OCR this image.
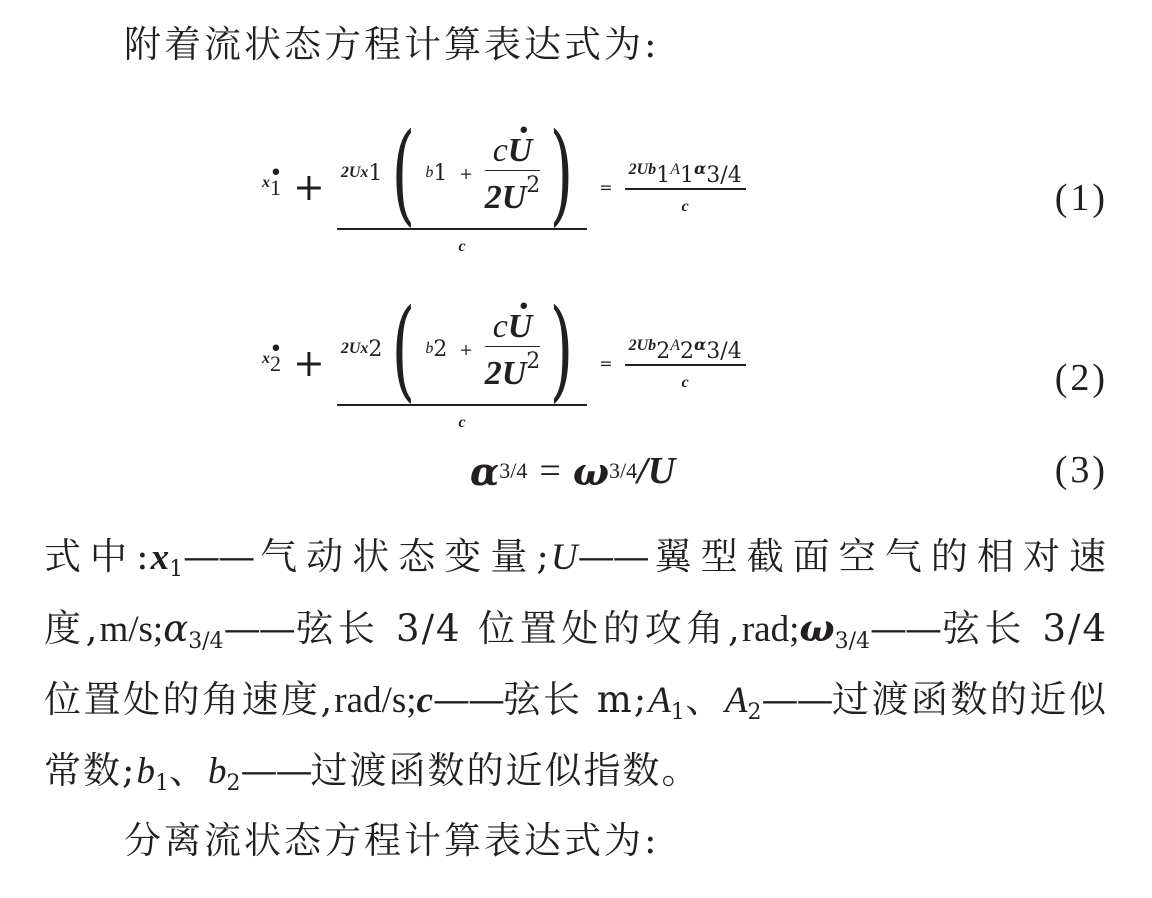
附着流状态方程计算表达式为:
· x1 +	2U x 1 ( b $1 + \frac{c\cdot U}{2U^2}$ )
c
= $\frac{2Ub1A1\alpha 3/4}{c}$	(1)
· x2 +	2U x 2 ( b $2 + \frac{c\cdot U}{2U^2}$ )
c
= $\frac{2Ub2A2\alpha 3/4}{c}$	(2)
α 3/4 = ω 3/4 / U	(3)
式中$:x_1——$气动状态变量;U——翼型截面空气的相对速度$,m/s;\alpha_{3/4}——$弦长 3/4 位置处的攻角$,rad;\omega_{3/4}——$弦长 3/4 位置处的角速度,rad/s;c——弦长 $m;A_1$、$A_2——$过渡函数的近似常数$;b_1$、$b_2——$过渡函数的近似指数。
分离流状态方程计算表达式为:
